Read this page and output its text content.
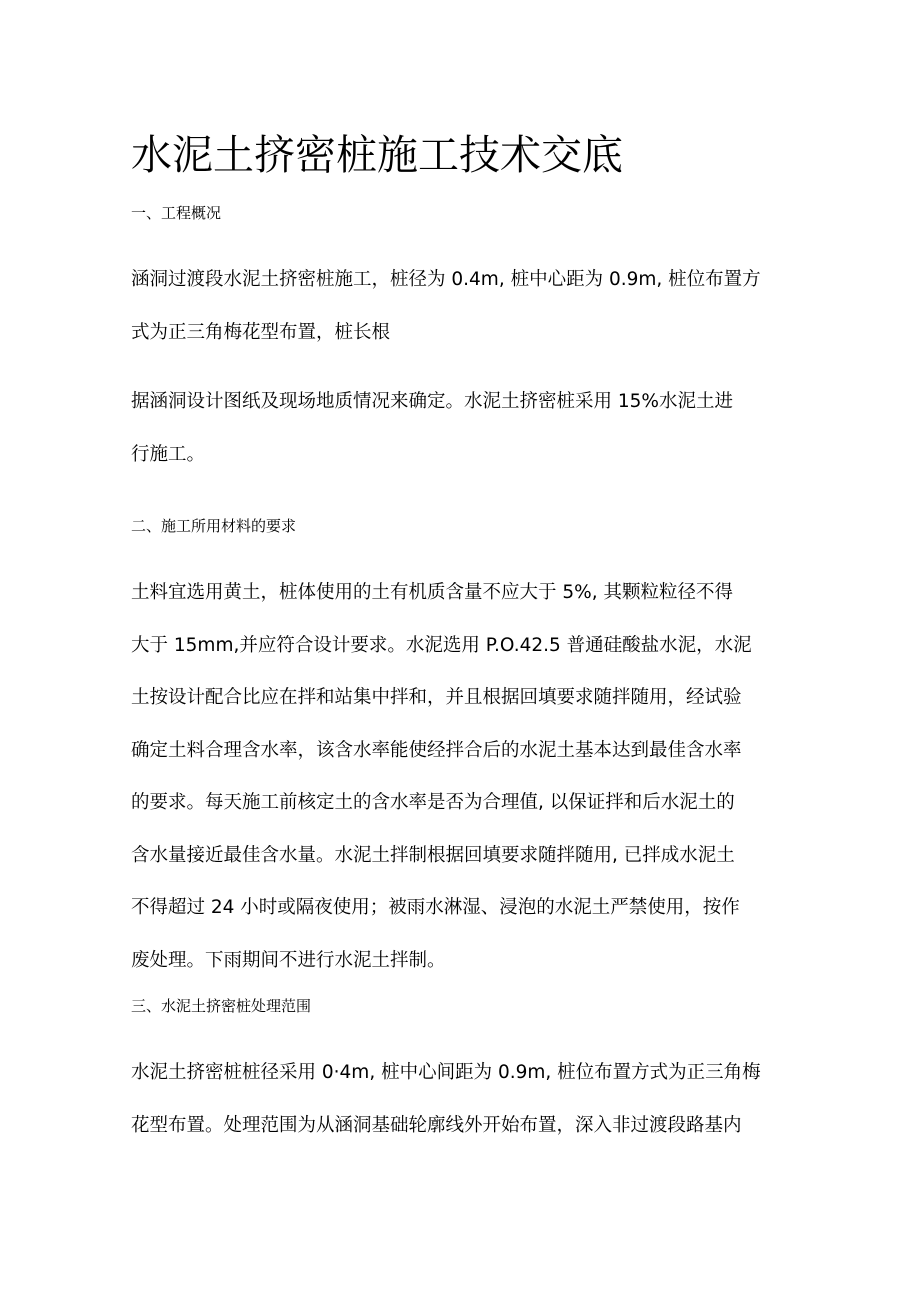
水泥土挤密桩施工技术交底
一、工程概况

涵洞过渡段水泥土挤密桩施工，桩径为 0.4m, 桩中心距为 0.9m, 桩位布置方
式为正三角梅花型布置，桩长根

据涵洞设计图纸及现场地质情况来确定。水泥土挤密桩采用 15%水泥土进
行施工。

二、施工所用材料的要求

土料宜选用黄土，桩体使用的土有机质含量不应大于 5%, 其颗粒粒径不得
大于 15mm,并应符合设计要求。水泥选用 P.O.42.5 普通硅酸盐水泥，水泥
土按设计配合比应在拌和站集中拌和，并且根据回填要求随拌随用，经试验
确定土料合理含水率，该含水率能使经拌合后的水泥土基本达到最佳含水率
的要求。每天施工前核定土的含水率是否为合理值, 以保证拌和后水泥土的
含水量接近最佳含水量。水泥土拌制根据回填要求随拌随用, 已拌成水泥土
不得超过 24 小时或隔夜使用；被雨水淋湿、浸泡的水泥土严禁使用，按作
废处理。下雨期间不进行水泥土拌制。

三、水泥土挤密桩处理范围

水泥土挤密桩桩径采用 0·4m, 桩中心间距为 0.9m, 桩位布置方式为正三角梅
花型布置。处理范围为从涵洞基础轮廓线外开始布置，深入非过渡段路基内
